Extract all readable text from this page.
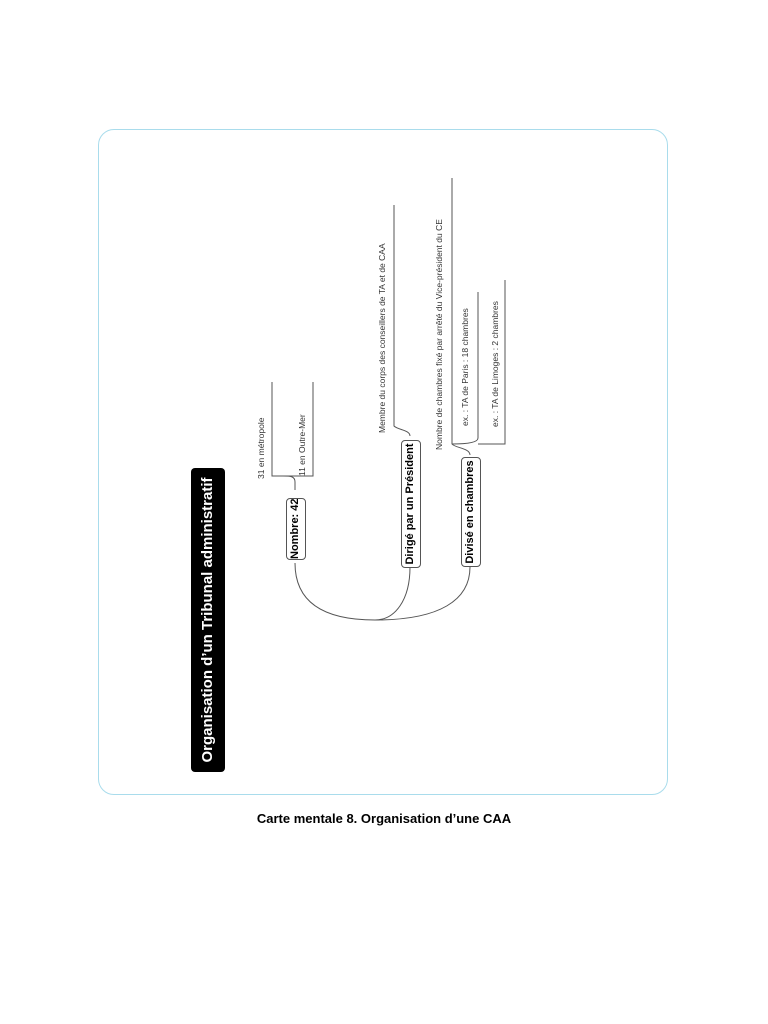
Organisation d’un Tribunal administratif	Nombre: 42	Dirigé par un Président	Divisé en chambres
31 en métropole	11 en Outre-Mer
Membre du corps des conseillers de TA et de CAA	Nombre de chambres fixé par arrêté du Vice-président du CE ex. : TA de Paris : 18 chambres ex. : TA de Limoges : 2 chambres
Carte mentale 8. Organisation d’une CAA
